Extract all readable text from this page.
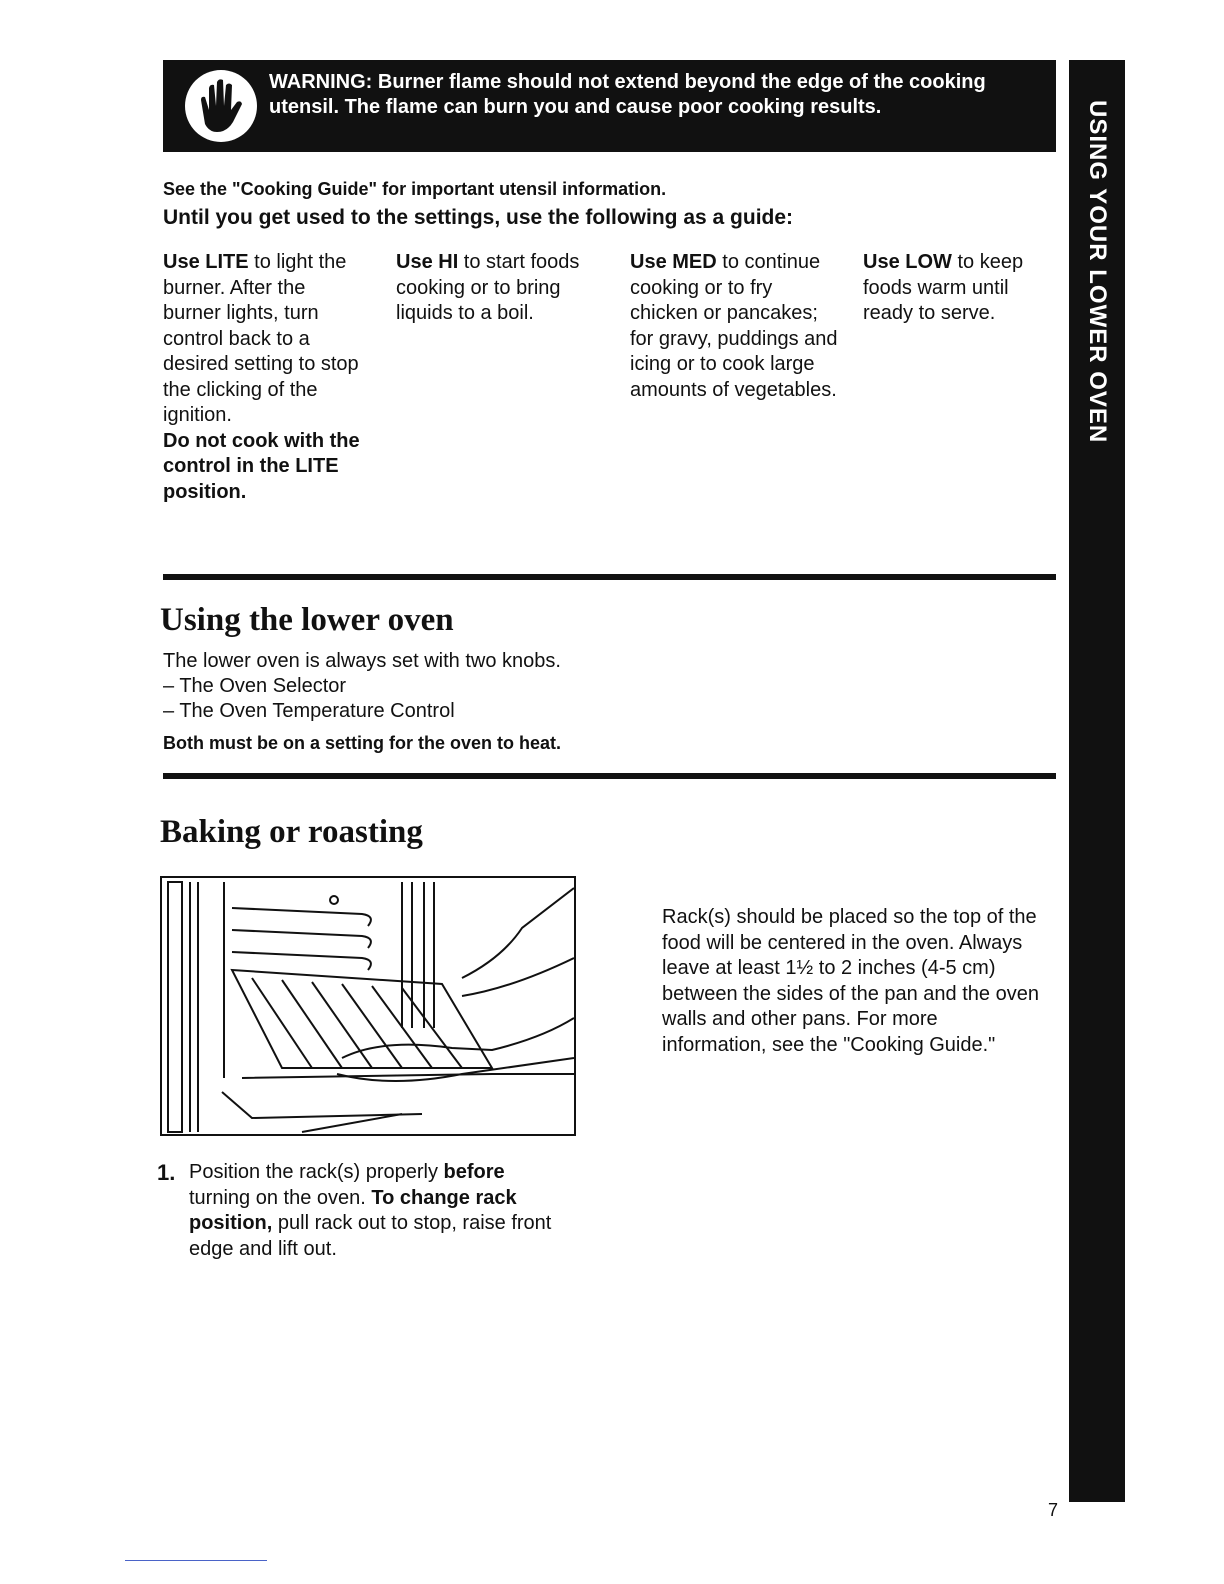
WARNING: Burner flame should not extend beyond the edge of the cooking utensil. The flame can burn you and cause poor cooking results.	USING YOUR LOWER OVEN
See the "Cooking Guide" for important utensil information.
Until you get used to the settings, use the following as a guide:
Use LITE to light the burner. After the burner lights, turn control back to a desired setting to stop the clicking of the ignition.
Do not cook with the control in the LITE position.
Use HI to start foods cooking or to bring liquids to a boil.
Use MED to continue cooking or to fry chicken or pancakes; for gravy, puddings and icing or to cook large amounts of vegetables.
Use LOW to keep foods warm until ready to serve.
Using the lower oven
The lower oven is always set with two knobs.
– The Oven Selector
– The Oven Temperature Control
Both must be on a setting for the oven to heat.
Baking or roasting
Rack(s) should be placed so the top of the food will be centered in the oven. Always leave at least 1½ to 2 inches (4-5 cm) between the sides of the pan and the oven walls and other pans. For more information, see the "Cooking Guide."
1. Position the rack(s) properly before turning on the oven. To change rack position, pull rack out to stop, raise front edge and lift out.
7
